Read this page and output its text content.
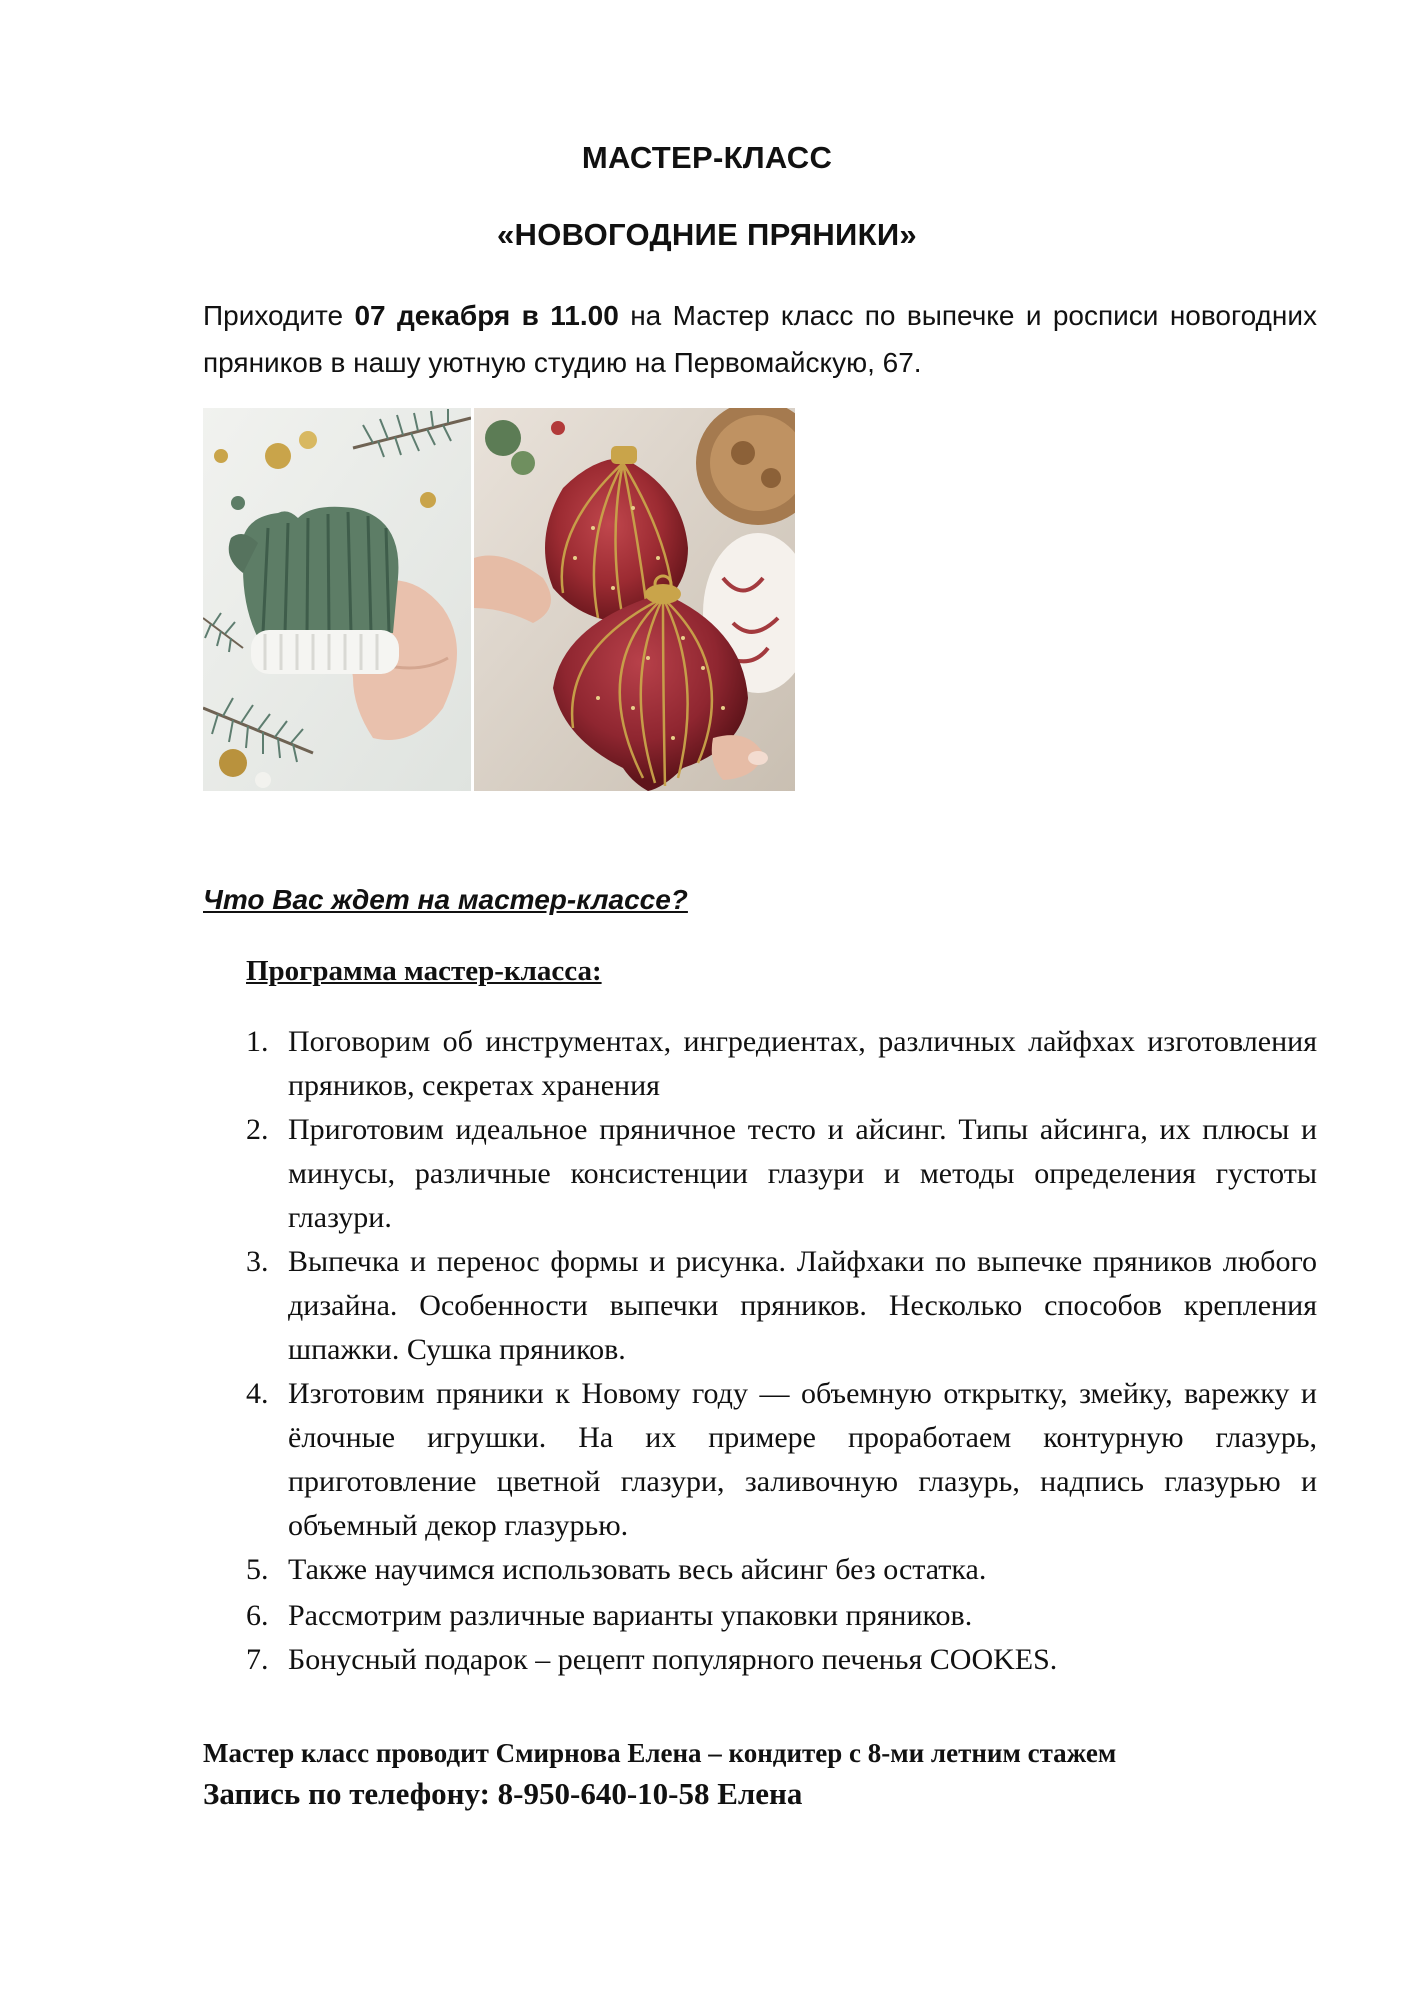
МАСТЕР-КЛАСС
«НОВОГОДНИЕ ПРЯНИКИ»
Приходите 07 декабря в 11.00 на Мастер класс по выпечке и росписи новогодних пряников в нашу уютную студию на Первомайскую, 67.
Что Вас ждет на мастер-классе?
Программа мастер-класса:
1. Поговорим об инструментах, ингредиентах, различных лайфхах изготовления пряников, секретах хранения
2. Приготовим идеальное пряничное тесто и айсинг. Типы айсинга, их плюсы и минусы, различные консистенции глазури и методы определения густоты глазури.
3. Выпечка и перенос формы и рисунка. Лайфхаки по выпечке пряников любого дизайна. Особенности выпечки пряников. Несколько способов крепления шпажки. Сушка пряников.
4. Изготовим пряники к Новому году — объемную открытку, змейку, варежку и ёлочные игрушки. На их примере проработаем контурную глазурь, приготовление цветной глазури, заливочную глазурь, надпись глазурью и объемный декор глазурью.
5. Также научимся использовать весь айсинг без остатка.
6. Рассмотрим различные варианты упаковки пряников.
7. Бонусный подарок – рецепт популярного печенья COOKES.
Мастер класс проводит Смирнова Елена – кондитер с 8-ми летним стажем
Запись по телефону: 8-950-640-10-58 Елена
